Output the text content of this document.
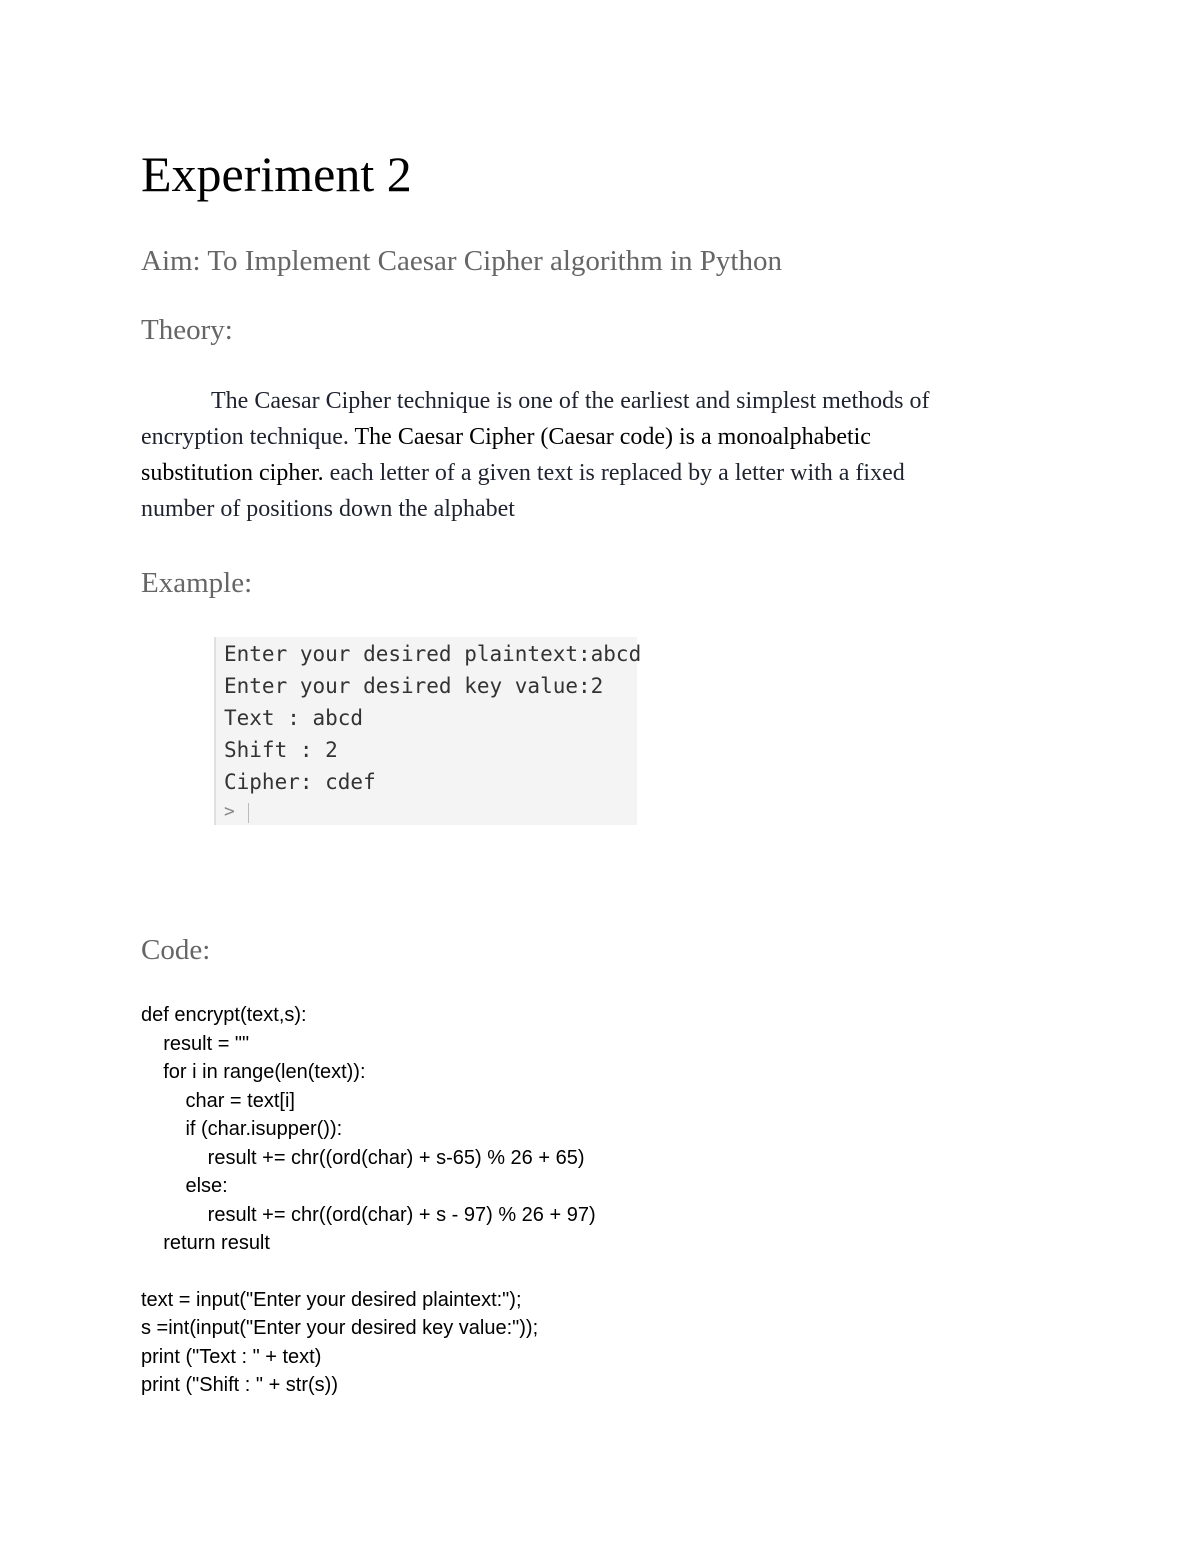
Experiment 2
Aim: To Implement Caesar Cipher algorithm in Python
Theory:
The Caesar Cipher technique is one of the earliest and simplest methods of
encryption technique. The Caesar Cipher (Caesar code) is a monoalphabetic
substitution cipher. each letter of a given text is replaced by a letter with a fixed
number of positions down the alphabet
Example:
Enter your desired plaintext:abcd
Enter your desired key value:2
Text : abcd
Shift : 2
Cipher: cdef
>
Code:
def encrypt(text,s):
result = ""
for i in range(len(text)):
char = text[i]
if (char.isupper()):
result += chr((ord(char) + s-65) % 26 + 65)
else:
result += chr((ord(char) + s - 97) % 26 + 97)
return result
text = input("Enter your desired plaintext:");
s =int(input("Enter your desired key value:"));
print ("Text : " + text)
print ("Shift : " + str(s))
